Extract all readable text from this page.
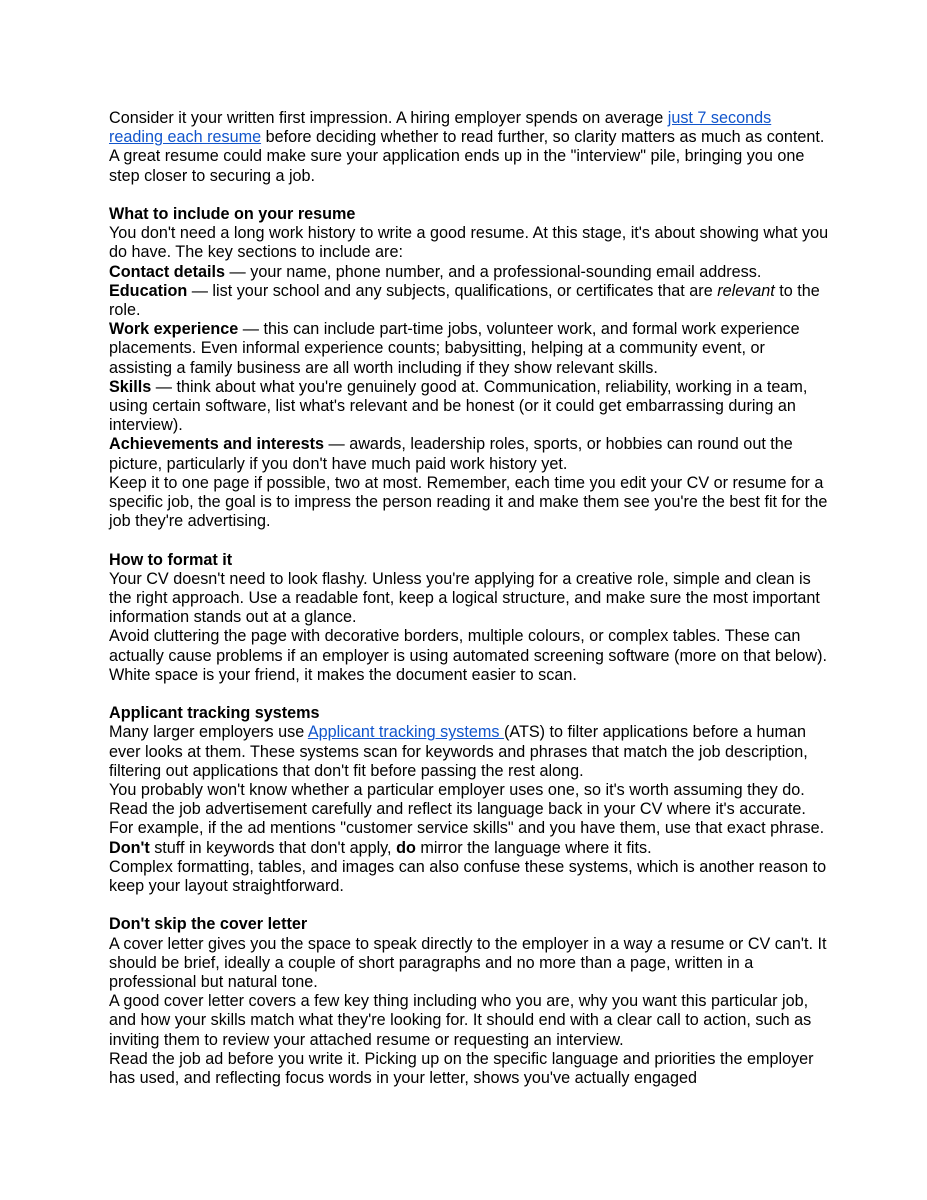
Consider it your written first impression. A hiring employer spends on average just 7 seconds reading each resume before deciding whether to read further, so clarity matters as much as content. A great resume could make sure your application ends up in the "interview" pile, bringing you one step closer to securing a job.

What to include on your resume

You don't need a long work history to write a good resume. At this stage, it's about showing what you do have. The key sections to include are:

Contact details — your name, phone number, and a professional-sounding email address.

Education — list your school and any subjects, qualifications, or certificates that are relevant to the role.

Work experience — this can include part-time jobs, volunteer work, and formal work experience placements. Even informal experience counts; babysitting, helping at a community event, or assisting a family business are all worth including if they show relevant skills.

Skills — think about what you're genuinely good at. Communication, reliability, working in a team, using certain software, list what's relevant and be honest (or it could get embarrassing during an interview).

Achievements and interests — awards, leadership roles, sports, or hobbies can round out the picture, particularly if you don't have much paid work history yet.

Keep it to one page if possible, two at most. Remember, each time you edit your CV or resume for a specific job, the goal is to impress the person reading it and make them see you're the best fit for the job they're advertising.

How to format it

Your CV doesn't need to look flashy. Unless you're applying for a creative role, simple and clean is the right approach. Use a readable font, keep a logical structure, and make sure the most important information stands out at a glance.

Avoid cluttering the page with decorative borders, multiple colours, or complex tables. These can actually cause problems if an employer is using automated screening software (more on that below). White space is your friend, it makes the document easier to scan.

Applicant tracking systems

Many larger employers use Applicant tracking systems (ATS) to filter applications before a human ever looks at them. These systems scan for keywords and phrases that match the job description, filtering out applications that don't fit before passing the rest along.

You probably won't know whether a particular employer uses one, so it's worth assuming they do. Read the job advertisement carefully and reflect its language back in your CV where it's accurate. For example, if the ad mentions "customer service skills" and you have them, use that exact phrase. Don't stuff in keywords that don't apply, do mirror the language where it fits.

Complex formatting, tables, and images can also confuse these systems, which is another reason to keep your layout straightforward.

Don't skip the cover letter

A cover letter gives you the space to speak directly to the employer in a way a resume or CV can't. It should be brief, ideally a couple of short paragraphs and no more than a page, written in a professional but natural tone.

A good cover letter covers a few key thing including who you are, why you want this particular job, and how your skills match what they're looking for. It should end with a clear call to action, such as inviting them to review your attached resume or requesting an interview.

Read the job ad before you write it. Picking up on the specific language and priorities the employer has used, and reflecting focus words in your letter, shows you've actually engaged
